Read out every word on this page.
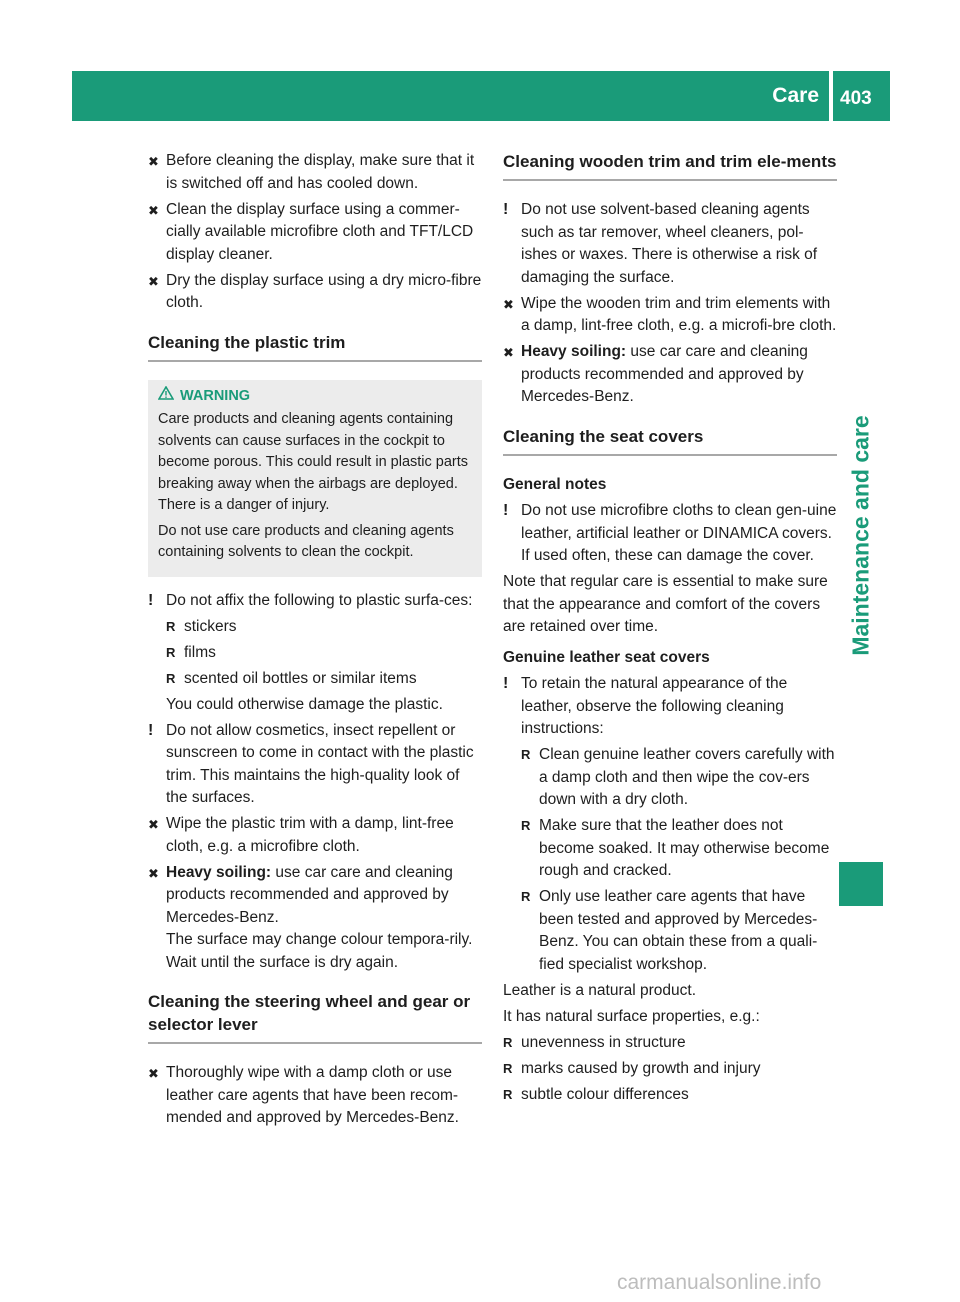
Care 403
Maintenance and care
✖ Before cleaning the display, make sure that it is switched off and has cooled down.
✖ Clean the display surface using a commer-cially available microfibre cloth and TFT/LCD display cleaner.
✖ Dry the display surface using a dry micro-fibre cloth.
Cleaning the plastic trim
WARNING

Care products and cleaning agents containing solvents can cause surfaces in the cockpit to become porous. This could result in plastic parts breaking away when the airbags are deployed. There is a danger of injury.

Do not use care products and cleaning agents containing solvents to clean the cockpit.

! Do not affix the following to plastic surfa-ces:
R stickers
R films
R scented oil bottles or similar items

You could otherwise damage the plastic.

! Do not allow cosmetics, insect repellent or sunscreen to come in contact with the plastic trim. This maintains the high-quality look of the surfaces.
✖ Wipe the plastic trim with a damp, lint-free cloth, e.g. a microfibre cloth.
✖ Heavy soiling: use car care and cleaning products recommended and approved by Mercedes-Benz.
The surface may change colour tempora-rily. Wait until the surface is dry again.
Cleaning the steering wheel and gear or selector lever
✖ Thoroughly wipe with a damp cloth or use leather care agents that have been recom-mended and approved by Mercedes-Benz.
Cleaning wooden trim and trim ele-ments
! Do not use solvent-based cleaning agents such as tar remover, wheel cleaners, pol-ishes or waxes. There is otherwise a risk of damaging the surface.
✖ Wipe the wooden trim and trim elements with a damp, lint-free cloth, e.g. a microfi-bre cloth.
✖ Heavy soiling: use car care and cleaning products recommended and approved by Mercedes-Benz.
Cleaning the seat covers
General notes
! Do not use microfibre cloths to clean gen-uine leather, artificial leather or DINAMICA covers. If used often, these can damage the cover.

Note that regular care is essential to make sure that the appearance and comfort of the covers are retained over time.

Genuine leather seat covers
! To retain the natural appearance of the leather, observe the following cleaning instructions:
R Clean genuine leather covers carefully with a damp cloth and then wipe the cov-ers down with a dry cloth.
R Make sure that the leather does not become soaked. It may otherwise become rough and cracked.
R Only use leather care agents that have been tested and approved by Mercedes-Benz. You can obtain these from a quali-fied specialist workshop.

Leather is a natural product.

It has natural surface properties, e.g.:

R unevenness in structure
R marks caused by growth and injury
R subtle colour differences
carmanualsonline.info
